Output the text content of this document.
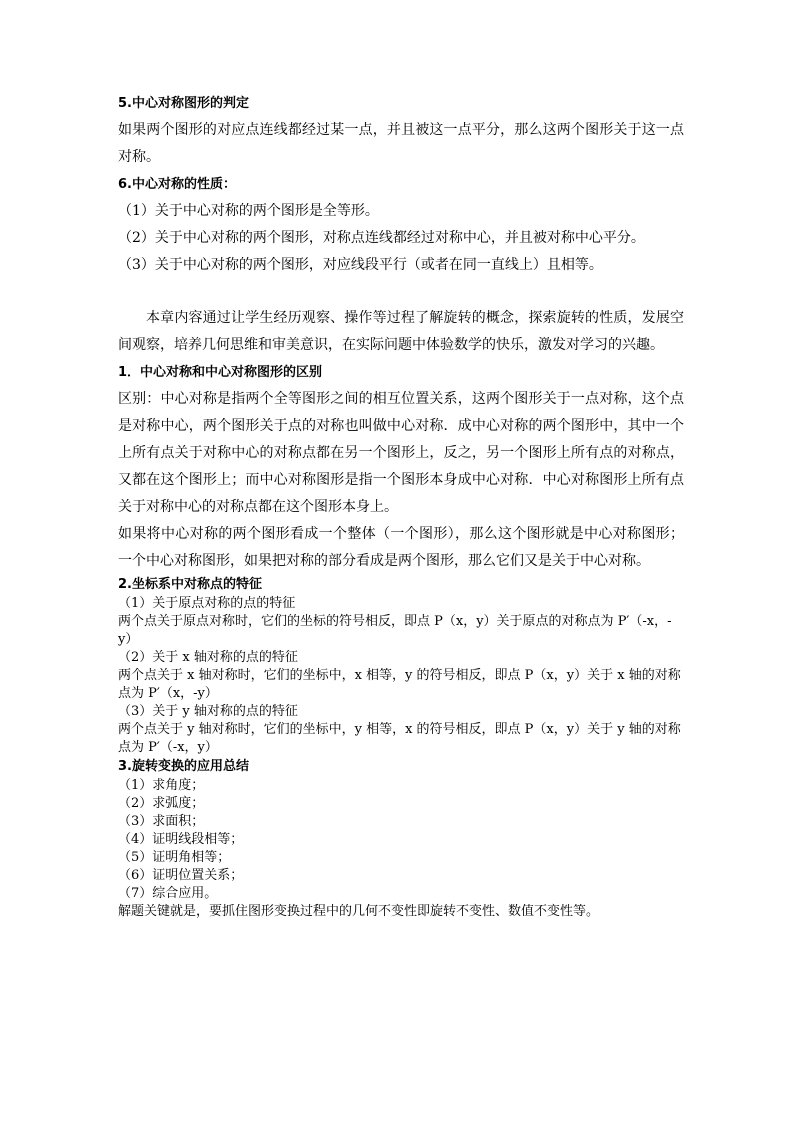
5.中心对称图形的判定

如果两个图形的对应点连线都经过某一点，并且被这一点平分，那么这两个图形关于这一点对称。

6.中心对称的性质：

（1）关于中心对称的两个图形是全等形。

（2）关于中心对称的两个图形，对称点连线都经过对称中心，并且被对称中心平分。

（3）关于中心对称的两个图形，对应线段平行（或者在同一直线上）且相等。

本章内容通过让学生经历观察、操作等过程了解旋转的概念，探索旋转的性质，发展空间观察，培养几何思维和审美意识，在实际问题中体验数学的快乐，激发对学习的兴趣。

1．中心对称和中心对称图形的区别

区别：中心对称是指两个全等图形之间的相互位置关系，这两个图形关于一点对称，这个点是对称中心，两个图形关于点的对称也叫做中心对称．成中心对称的两个图形中，其中一个上所有点关于对称中心的对称点都在另一个图形上，反之，另一个图形上所有点的对称点，又都在这个图形上；而中心对称图形是指一个图形本身成中心对称．中心对称图形上所有点关于对称中心的对称点都在这个图形本身上。

如果将中心对称的两个图形看成一个整体（一个图形），那么这个图形就是中心对称图形；一个中心对称图形，如果把对称的部分看成是两个图形，那么它们又是关于中心对称。

2.坐标系中对称点的特征

（1）关于原点对称的点的特征

两个点关于原点对称时，它们的坐标的符号相反，即点 P（x，y）关于原点的对称点为 P′（-x，-y）

（2）关于 x 轴对称的点的特征

两个点关于 x 轴对称时，它们的坐标中，x 相等，y 的符号相反，即点 P（x，y）关于 x 轴的对称点为 P′（x，-y）

（3）关于 y 轴对称的点的特征

两个点关于 y 轴对称时，它们的坐标中，y 相等，x 的符号相反，即点 P（x，y）关于 y 轴的对称点为 P′（-x，y）

3.旋转变换的应用总结

（1）求角度；

（2）求弧度；

（3）求面积；

（4）证明线段相等；

（5）证明角相等；

（6）证明位置关系；

（7）综合应用。

解题关键就是，要抓住图形变换过程中的几何不变性即旋转不变性、数值不变性等。
